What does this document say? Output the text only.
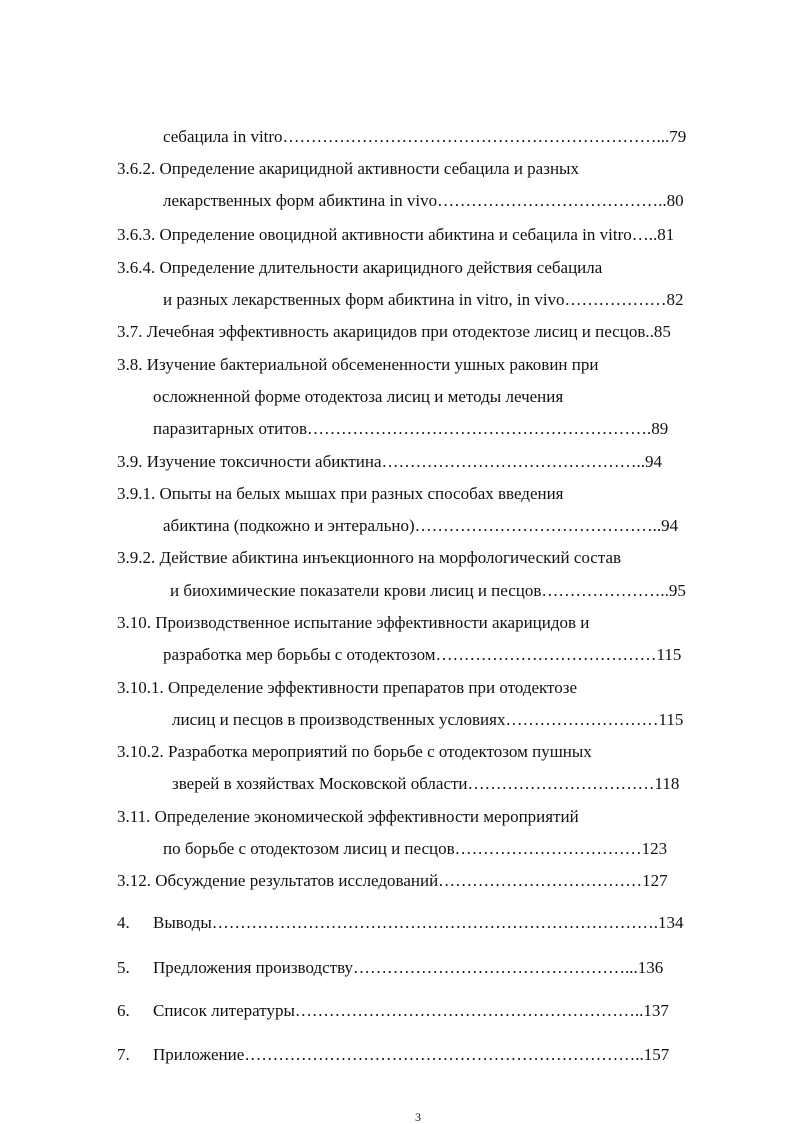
себацила in vitro…………………………………………………………...79
3.6.2. Определение акарицидной активности себацила и разных
лекарственных форм абиктина in vivo…………………………………..80
3.6.3. Определение овоцидной активности абиктина и себацила in vitro…..81
3.6.4. Определение длительности акарицидного действия себацила
и разных лекарственных форм абиктина in vitro, in vivo………………82
3.7. Лечебная эффективность акарицидов при отодектозе лисиц и песцов..85
3.8. Изучение бактериальной обсемененности ушных раковин при
осложненной форме отодектоза лисиц и методы лечения
паразитарных отитов…………………………………………………….89
3.9. Изучение токсичности абиктина………………………………………..94
3.9.1. Опыты на белых мышах при разных способах введения
абиктина (подкожно и энтерально)……………………………………..94
3.9.2. Действие абиктина инъекционного на морфологический состав
и биохимические показатели крови лисиц и песцов…………………..95
3.10. Производственное испытание эффективности акарицидов и
разработка мер борьбы с отодектозом…………………………………115
3.10.1. Определение эффективности препаратов при отодектозе
лисиц и песцов в производственных условиях………………………115
3.10.2. Разработка мероприятий по борьбе с отодектозом пушных
зверей в хозяйствах Московской области……………………………118
3.11. Определение экономической эффективности мероприятий
по борьбе с отодектозом лисиц и песцов……………………………123
3.12. Обсуждение результатов исследований………………………………127
4. Выводы…………………………………………………………………….134
5. Предложения производству…………………………………………...136
6. Список литературы……………………………………………………..137
7. Приложение……………………………………………………………..157
3
